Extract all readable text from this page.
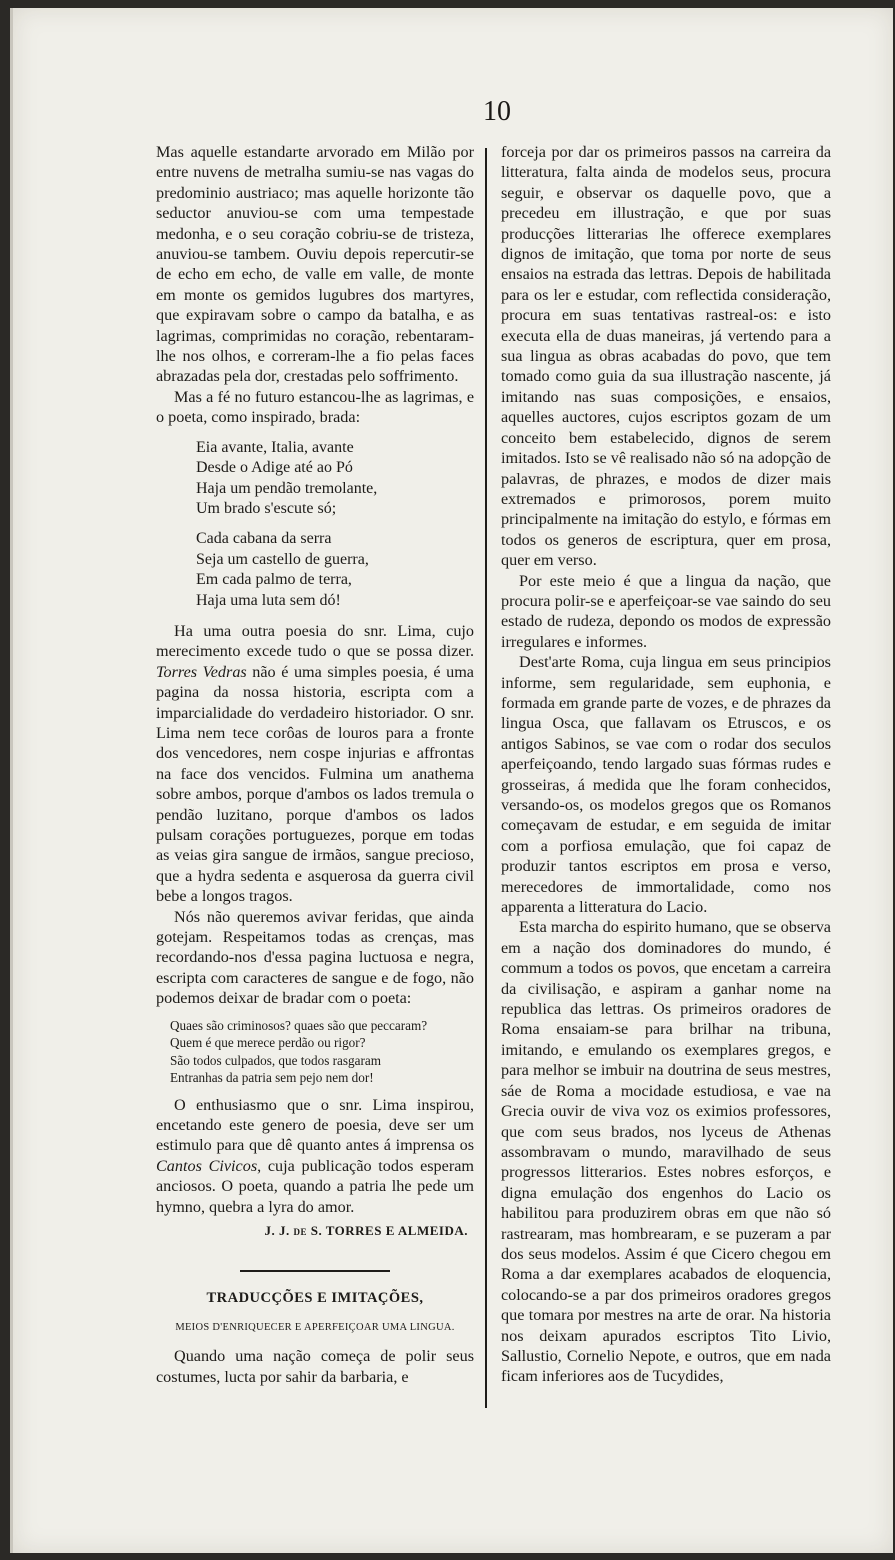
10

Mas aquelle estandarte arvorado em Milão por entre nuvens de metralha sumiu-se nas vagas do predominio austriaco; mas aquelle horizonte tão seductor anuviou-se com uma tempestade medonha, e o seu coração cobriu-se de tristeza, anuviou-se tambem. Ouviu depois repercutir-se de echo em echo, de valle em valle, de monte em monte os gemidos lugubres dos martyres, que expiravam sobre o campo da batalha, e as lagrimas, comprimidas no coração, rebentaram-lhe nos olhos, e correram-lhe a fio pelas faces abrazadas pela dor, crestadas pelo soffrimento.

Mas a fé no futuro estancou-lhe as lagrimas, e o poeta, como inspirado, brada:

Eia avante, Italia, avante
Desde o Adige até ao Pó
Haja um pendão tremolante,
Um brado s'escute só;
Cada cabana da serra
Seja um castello de guerra,
Em cada palmo de terra,
Haja uma luta sem dó!

Ha uma outra poesia do snr. Lima, cujo merecimento excede tudo o que se possa dizer. Torres Vedras não é uma simples poesia, é uma pagina da nossa historia, escripta com a imparcialidade do verdadeiro historiador. O snr. Lima nem tece corôas de louros para a fronte dos vencedores, nem cospe injurias e affrontas na face dos vencidos. Fulmina um anathema sobre ambos, porque d'ambos os lados tremula o pendão luzitano, porque d'ambos os lados pulsam corações portuguezes, porque em todas as veias gira sangue de irmãos, sangue precioso, que a hydra sedenta e asquerosa da guerra civil bebe a longos tragos.

Nós não queremos avivar feridas, que ainda gotejam. Respeitamos todas as crenças, mas recordando-nos d'essa pagina luctuosa e negra, escripta com caracteres de sangue e de fogo, não podemos deixar de bradar com o poeta:

Quaes são criminosos? quaes são que peccaram?
Quem é que merece perdão ou rigor?
São todos culpados, que todos rasgaram
Entranhas da patria sem pejo nem dor!

O enthusiasmo que o snr. Lima inspirou, encetando este genero de poesia, deve ser um estimulo para que dê quanto antes á imprensa os Cantos Civicos, cuja publicação todos esperam anciosos. O poeta, quando a patria lhe pede um hymno, quebra a lyra do amor.

J. J. de S. TORRES E ALMEIDA.
TRADUCÇÕES E IMITAÇÕES,
MEIOS D'ENRIQUECER E APERFEIÇOAR UMA LINGUA.

Quando uma nação começa de polir seus costumes, lucta por sahir da barbaria, e

forceja por dar os primeiros passos na carreira da litteratura, falta ainda de modelos seus, procura seguir, e observar os daquelle povo, que a precedeu em illustração, e que por suas producções litterarias lhe offerece exemplares dignos de imitação, que toma por norte de seus ensaios na estrada das lettras. Depois de habilitada para os ler e estudar, com reflectida consideração, procura em suas tentativas rastreal-os: e isto executa ella de duas maneiras, já vertendo para a sua lingua as obras acabadas do povo, que tem tomado como guia da sua illustração nascente, já imitando nas suas composições, e ensaios, aquelles auctores, cujos escriptos gozam de um conceito bem estabelecido, dignos de serem imitados. Isto se vê realisado não só na adopção de palavras, de phrazes, e modos de dizer mais extremados e primorosos, porem muito principalmente na imitação do estylo, e fórmas em todos os generos de escriptura, quer em prosa, quer em verso.

Por este meio é que a lingua da nação, que procura polir-se e aperfeiçoar-se vae saindo do seu estado de rudeza, depondo os modos de expressão irregulares e informes.

Dest'arte Roma, cuja lingua em seus principios informe, sem regularidade, sem euphonia, e formada em grande parte de vozes, e de phrazes da lingua Osca, que fallavam os Etruscos, e os antigos Sabinos, se vae com o rodar dos seculos aperfeiçoando, tendo largado suas fórmas rudes e grosseiras, á medida que lhe foram conhecidos, versando-os, os modelos gregos que os Romanos começavam de estudar, e em seguida de imitar com a porfiosa emulação, que foi capaz de produzir tantos escriptos em prosa e verso, merecedores de immortalidade, como nos apparenta a litteratura do Lacio.

Esta marcha do espirito humano, que se observa em a nação dos dominadores do mundo, é commum a todos os povos, que encetam a carreira da civilisação, e aspiram a ganhar nome na republica das lettras. Os primeiros oradores de Roma ensaiam-se para brilhar na tribuna, imitando, e emulando os exemplares gregos, e para melhor se imbuir na doutrina de seus mestres, sáe de Roma a mocidade estudiosa, e vae na Grecia ouvir de viva voz os eximios professores, que com seus brados, nos lyceus de Athenas assombravam o mundo, maravilhado de seus progressos litterarios. Estes nobres esforços, e digna emulação dos engenhos do Lacio os habilitou para produzirem obras em que não só rastrearam, mas hombrearam, e se puzeram a par dos seus modelos. Assim é que Cicero chegou em Roma a dar exemplares acabados de eloquencia, colocando-se a par dos primeiros oradores gregos que tomara por mestres na arte de orar. Na historia nos deixam apurados escriptos Tito Livio, Sallustio, Cornelio Nepote, e outros, que em nada ficam inferiores aos de Tucydides,
